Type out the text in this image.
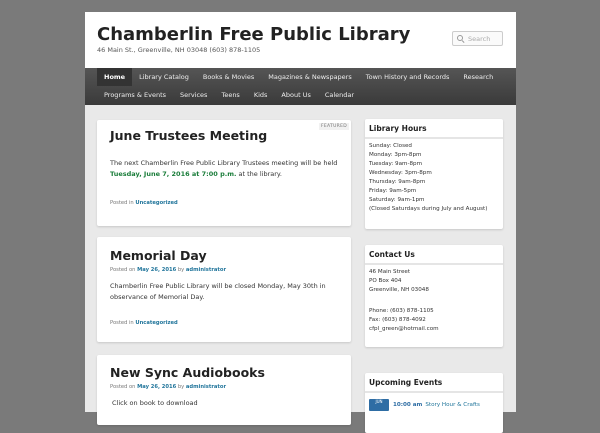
Chamberlin Free Public Library
46 Main St., Greenville, NH 03048 (603) 878-1105
Search
Home	Library Catalog	Books & Movies	Magazines & Newspapers	Town History and Records	Research
Programs & Events	Services	Teens	Kids	About Us	Calendar
FEATURED
June Trustees Meeting
The next Chamberlin Free Public Library Trustees meeting will be held Tuesday, June 7, 2016 at 7:00 p.m. at the library.
Posted in Uncategorized
Memorial Day
Posted on May 26, 2016 by administrator
Chamberlin Free Public Library will be closed Monday, May 30th in observance of Memorial Day.
Posted in Uncategorized
New Sync Audiobooks
Posted on May 26, 2016 by administrator
Click on book to download
Library Hours
Sunday: Closed
Monday: 3pm-8pm
Tuesday: 9am-8pm
Wednesday: 3pm-8pm
Thursday: 9am-8pm
Friday: 9am-5pm
Saturday: 9am-1pm
(Closed Saturdays during July and August)
Contact Us
46 Main Street
PO Box 404
Greenville, NH 03048
Phone: (603) 878-1105
Fax: (603) 878-4092
cfpl_green@hotmail.com
Upcoming Events
JUN
10:00 am Story Hour & Crafts
